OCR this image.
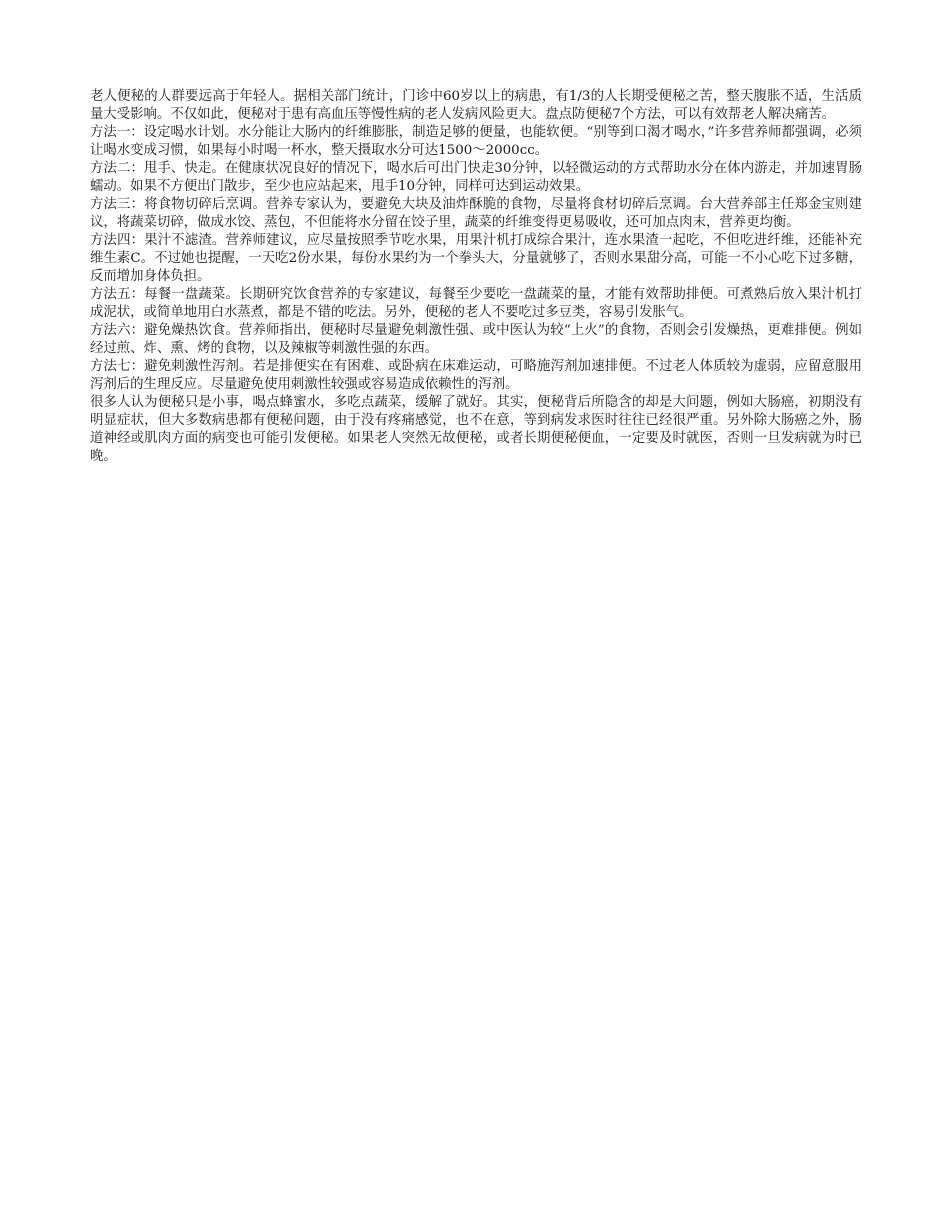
老人便秘的人群要远高于年轻人。据相关部门统计，门诊中60岁以上的病患，有1/3的人长期受便秘之苦，整天腹胀不适，生活质量大受影响。不仅如此，便秘对于患有高血压等慢性病的老人发病风险更大。盘点防便秘7个方法，可以有效帮老人解决痛苦。

方法一：设定喝水计划。水分能让大肠内的纤维膨胀，制造足够的便量，也能软便。“别等到口渴才喝水，”许多营养师都强调，必须让喝水变成习惯，如果每小时喝一杯水，整天摄取水分可达1500～2000cc。

方法二：甩手、快走。在健康状况良好的情况下，喝水后可出门快走30分钟，以轻微运动的方式帮助水分在体内游走，并加速胃肠蠕动。如果不方便出门散步，至少也应站起来，甩手10分钟，同样可达到运动效果。

方法三：将食物切碎后烹调。营养专家认为，要避免大块及油炸酥脆的食物，尽量将食材切碎后烹调。台大营养部主任郑金宝则建议，将蔬菜切碎，做成水饺、蒸包，不但能将水分留在饺子里，蔬菜的纤维变得更易吸收，还可加点肉末，营养更均衡。

方法四：果汁不滤渣。营养师建议，应尽量按照季节吃水果，用果汁机打成综合果汁，连水果渣一起吃，不但吃进纤维，还能补充维生素C。不过她也提醒，一天吃2份水果，每份水果约为一个拳头大，分量就够了，否则水果甜分高，可能一不小心吃下过多糖，反而增加身体负担。

方法五：每餐一盘蔬菜。长期研究饮食营养的专家建议，每餐至少要吃一盘蔬菜的量，才能有效帮助排便。可煮熟后放入果汁机打成泥状，或简单地用白水蒸煮，都是不错的吃法。另外，便秘的老人不要吃过多豆类，容易引发胀气。

方法六：避免燥热饮食。营养师指出，便秘时尽量避免刺激性强、或中医认为较“上火”的食物，否则会引发燥热，更难排便。例如经过煎、炸、熏、烤的食物，以及辣椒等刺激性强的东西。

方法七：避免刺激性泻剂。若是排便实在有困难、或卧病在床难运动，可略施泻剂加速排便。不过老人体质较为虚弱，应留意服用泻剂后的生理反应。尽量避免使用刺激性较强或容易造成依赖性的泻剂。

很多人认为便秘只是小事，喝点蜂蜜水，多吃点蔬菜，缓解了就好。其实，便秘背后所隐含的却是大问题，例如大肠癌，初期没有明显症状，但大多数病患都有便秘问题，由于没有疼痛感觉，也不在意，等到病发求医时往往已经很严重。另外除大肠癌之外，肠道神经或肌肉方面的病变也可能引发便秘。如果老人突然无故便秘，或者长期便秘便血，一定要及时就医，否则一旦发病就为时已晚。
